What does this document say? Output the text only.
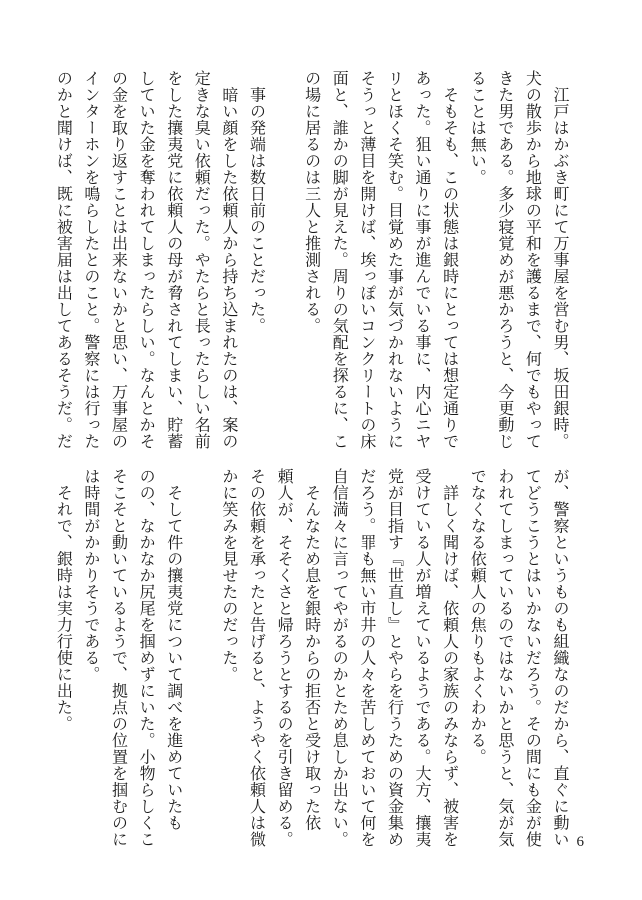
　江戸はかぶき町にて万事屋を営む男、坂田銀時。

犬の散歩から地球の平和を護るまで、何でもやって

きた男である。多少寝覚めが悪かろうと、今更動じ

ることは無い。

　そもそも、この状態は銀時にとっては想定通りで

あった。狙い通りに事が進んでいる事に、内心ニヤ

リとほくそ笑む。目覚めた事が気づかれないように

そうっと薄目を開けば、埃っぽいコンクリートの床

面と、誰かの脚が見えた。周りの気配を探るに、こ

の場に居るのは三人と推測される。

　事の発端は数日前のことだった。

　暗い顔をした依頼人から持ち込まれたのは、案の

定きな臭い依頼だった。やたらと長ったらしい名前

をした攘夷党に依頼人の母が脅されてしまい、貯蓄

していた金を奪われてしまったらしい。なんとかそ

の金を取り返すことは出来ないかと思い、万事屋の

インターホンを鳴らしたとのこと。警察には行った

のかと聞けば、既に被害届は出してあるそうだ。だ

が、警察というものも組織なのだから、直ぐに動い

てどうこうとはいかないだろう。その間にも金が使

われてしまっているのではないかと思うと、気が気

でなくなる依頼人の焦りもよくわかる。

　詳しく聞けば、依頼人の家族のみならず、被害を

受けている人が増えているようである。大方、攘夷

党が目指す『世直し』とやらを行うための資金集め

だろう。罪も無い市井の人々を苦しめておいて何を

自信満々に言ってやがるのかとため息しか出ない。

　そんなため息を銀時からの拒否と受け取った依

頼人が、そそくさと帰ろうとするのを引き留める。

その依頼を承ったと告げると、ようやく依頼人は微

かに笑みを見せたのだった。

　そして件の攘夷党について調べを進めていたも

のの、なかなか尻尾を掴めずにいた。小物らしくこ

そこそと動いているようで、拠点の位置を掴むのに

は時間がかかりそうである。

　それで、銀時は実力行使に出た。

6
